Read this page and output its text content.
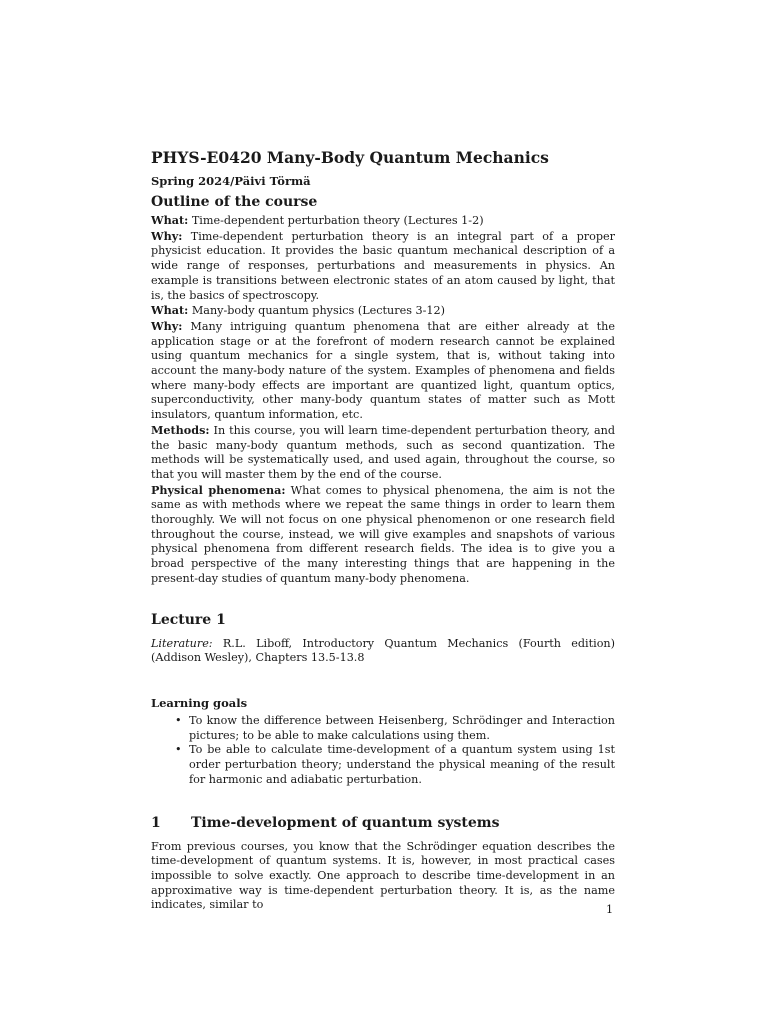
PHYS-E0420 Many-Body Quantum Mechanics
Spring 2024/Päivi Törmä
Outline of the course

What: Time-dependent perturbation theory (Lectures 1-2)

Why: Time-dependent perturbation theory is an integral part of a proper physicist education. It provides the basic quantum mechanical description of a wide range of responses, perturbations and measurements in physics. An example is transitions between electronic states of an atom caused by light, that is, the basics of spectroscopy.

What: Many-body quantum physics (Lectures 3-12)

Why: Many intriguing quantum phenomena that are either already at the application stage or at the forefront of modern research cannot be explained using quantum mechanics for a single system, that is, without taking into account the many-body nature of the system. Examples of phenomena and fields where many-body effects are important are quantized light, quantum optics, superconductivity, other many-body quantum states of matter such as Mott insulators, quantum information, etc.

Methods: In this course, you will learn time-dependent perturbation theory, and the basic many-body quantum methods, such as second quantization. The methods will be systematically used, and used again, throughout the course, so that you will master them by the end of the course.

Physical phenomena: What comes to physical phenomena, the aim is not the same as with methods where we repeat the same things in order to learn them thoroughly. We will not focus on one physical phenomenon or one research field throughout the course, instead, we will give examples and snapshots of various physical phenomena from different research fields. The idea is to give you a broad perspective of the many interesting things that are happening in the present-day studies of quantum many-body phenomena.

Lecture 1

Literature: R.L. Liboff, Introductory Quantum Mechanics (Fourth edition) (Addison Wesley), Chapters 13.5-13.8

Learning goals
• To know the difference between Heisenberg, Schrödinger and Interaction pictures; to be able to make calculations using them.
• To be able to calculate time-development of a quantum system using 1st order perturbation theory; understand the physical meaning of the result for harmonic and adiabatic perturbation.
1	Time-development of quantum systems

From previous courses, you know that the Schrödinger equation describes the time-development of quantum systems. It is, however, in most practical cases impossible to solve exactly. One approach to describe time-development in an approximative way is time-dependent perturbation theory. It is, as the name indicates, similar to	1
